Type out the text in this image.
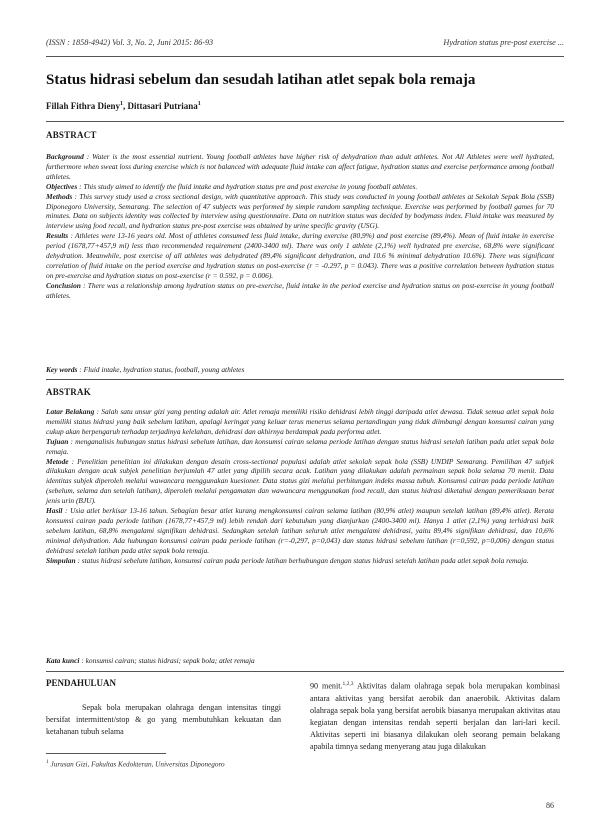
(ISSN : 1858-4942) Vol. 3, No. 2, Juni 2015: 86-93	Hydration status pre-post exercise ...
Status hidrasi sebelum dan sesudah latihan atlet sepak bola remaja
Fillah Fithra Dieny$^1$, Dittasari Putriana$^1$
ABSTRACT

Background : Water is the most essential nutrient. Young football athletes have higher risk of dehydration than adult athletes. Not All Athletes were well hydrated, furthermore when sweat loss during exercise which is not balanced with adequate fluid intake can affect fatigue, hydration status and exercise performance among football athletes.

Objectives : This study aimed to identify the fluid intake and hydration status pre and post exercise in young football athletes.

Methods : This survey study used a cross sectional design, with quantitative approach. This study was conducted in young football athletes at Sekolah Sepak Bola (SSB) Diponegoro University, Semarang. The selection of 47 subjects was performed by simple random sampling technique. Exercise was performed by football games for 70 minutes. Data on subjects identity was collected by interview using questionnaire. Data on nutrition status was decided by bodymass index. Fluid intake was measured by interview using food recall, and hydration status pre-post exercise was obtained by urine specific gravity (USG).

Results : Athletes were 13-16 years old. Most of athletes consumed less fluid intake, during exercise (80,9%) and post exercise (89,4%). Mean of fluid intake in exercise period (1678,77+457,9 ml) less than recommended requirement (2400-3400 ml). There was only 1 athlete (2,1%) well hydrated pre exercise, 68,8% were significant dehydration. Meanwhile, post exercise of all athletes was dehydrated (89,4% significant dehydration, and 10.6 % minimal dehydration 10.6%). There was significant correlation of fluid intake on the period exercise and hydration status on post-exercise (r = -0.297, p = 0.043). There was a positive correlation between hydration status on pre-exercise and hydration status on post-exercise (r = 0.592, p = 0.006).

Conclusion : There was a relationship among hydration status on pre-exercise, fluid intake in the period exercise and hydration status on post-exercise in young football athletes.

Key words : Fluid intake, hydration status, football, young athletes
ABSTRAK

Latar Belakang : Salah satu unsur gizi yang penting adalah air. Atlet remaja memiliki risiko dehidrasi lebih tinggi daripada atlet dewasa. Tidak semua atlet sepak bola memiliki status hidrasi yang baik sebelum latihan, apalagi keringat yang keluar terus menerus selama pertandingan yang tidak diimbangi dengan konsumsi cairan yang cukup akan berpengaruh terhadap terjadinya kelelahan, dehidrasi dan akhirnya berdampak pada performa atlet.

Tujuan : menganalisis hubungan status hidrasi sebelum latihan, dan konsumsi cairan selama periode latihan dengan status hidrasi setelah latihan pada atlet sepak bola remaja.

Metode : Penelitian penelitian ini dilakukan dengan desain cross-sectional populasi adalah atlet sekolah sepak bola (SSB) UNDIP Semarang. Pemilihan 47 subjek dilakukan dengan acak subjek penelitian berjumlah 47 atlet yang dipilih secara acak. Latihan yang dilakukan adalah permainan sepak bola selama 70 menit. Data identitas subjek diperoleh melalui wawancara menggunakan kuesioner. Data status gizi melalui perhitungan indeks massa tubuh. Konsumsi cairan pada periode latihan (sebelum, selama dan setelah latihan), diperoleh melalui pengamatan dan wawancara menggunakan food recall, dan status hidrasi diketahui dengan pemeriksaan berat jenis urin (BJU).

Hasil : Usia atlet berkisar 13-16 tahun. Sebagian besar atlet kurang mengkonsumsi cairan selama latihan (80,9% atlet) maupun setelah latihan (89,4% atlet). Rerata konsumsi cairan pada periode latihan (1678,77+457,9 ml) lebih rendah dari kebutuhan yang dianjurkan (2400-3400 ml). Hanya 1 atlet (2,1%) yang terhidrasi baik sebelum latihan, 68,8% mengalami signifikan dehidrasi. Sedangkan setelah latihan seluruh atlet mengalami dehidrasi, yaitu 89,4% signifikan dehidrasi, dan 10,6% minimal dehydration. Ada hubungan konsumsi cairan pada periode latihan (r=-0,297, p=0,043) dan status hidrasi sebelum latihan (r=0,592, p=0,006) dengan status dehidrasi setelah latihan pada atlet sepak bola remaja.

Simpulan : status hidrasi sebelum latihan, konsumsi cairan pada periode latihan berhubungan dengan status hidrasi setelah latihan pada atlet sepak bola remaja.

Kata kunci : konsumsi cairan; status hidrasi; sepak bola; atlet remaja

PENDAHULUAN

Sepak bola merupakan olahraga dengan intensitas tinggi bersifat intermittent/stop & go yang membutuhkan kekuatan dan ketahanan tubuh selama

90 menit.$^{1,2,3}$ Aktivitas dalam olahraga sepak bola merupakan kombinasi antara aktivitas yang bersifat aerobik dan anaerobik. Aktivitas dalam olahraga sepak bola yang bersifat aerobik biasanya merupakan aktivitas atau kegiatan dengan intensitas rendah seperti berjalan dan lari-lari kecil. Aktivitas seperti ini biasanya dilakukan oleh seorang pemain belakang apabila timnya sedang menyerang atau juga dilakukan

$^1$ Jurusan Gizi, Fakultas Kedokteran, Universitas Diponegoro
86
